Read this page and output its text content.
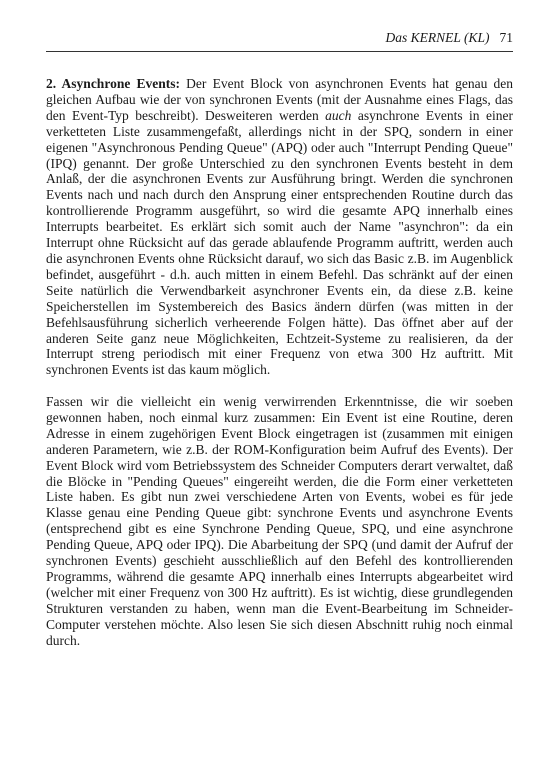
Das KERNEL (KL) 71

2. Asynchrone Events: Der Event Block von asynchronen Events hat genau den gleichen Aufbau wie der von synchronen Events (mit der Ausnahme eines Flags, das den Event-Typ beschreibt). Desweiteren werden auch asynchrone Events in einer verketteten Liste zusammengefaßt, allerdings nicht in der SPQ, sondern in einer eigenen "Asynchronous Pending Queue" (APQ) oder auch "Interrupt Pending Queue" (IPQ) genannt. Der große Unterschied zu den synchronen Events besteht in dem Anlaß, der die asynchronen Events zur Ausführung bringt. Werden die synchronen Events nach und nach durch den Ansprung einer entsprechenden Routine durch das kontrollierende Programm ausgeführt, so wird die gesamte APQ innerhalb eines Interrupts bearbeitet. Es erklärt sich somit auch der Name "asynchron": da ein Interrupt ohne Rücksicht auf das gerade ablaufende Programm auftritt, werden auch die asynchronen Events ohne Rücksicht darauf, wo sich das Basic z.B. im Augenblick befindet, ausgeführt - d.h. auch mitten in einem Befehl. Das schränkt auf der einen Seite natürlich die Verwendbarkeit asynchroner Events ein, da diese z.B. keine Speicherstellen im Systembereich des Basics ändern dürfen (was mitten in der Befehlsausführung sicherlich verheerende Folgen hätte). Das öffnet aber auf der anderen Seite ganz neue Möglichkeiten, Echtzeit-Systeme zu realisieren, da der Interrupt streng periodisch mit einer Frequenz von etwa 300 Hz auftritt. Mit synchronen Events ist das kaum möglich.

Fassen wir die vielleicht ein wenig verwirrenden Erkenntnisse, die wir soeben gewonnen haben, noch einmal kurz zusammen: Ein Event ist eine Routine, deren Adresse in einem zugehörigen Event Block eingetragen ist (zusammen mit einigen anderen Parametern, wie z.B. der ROM-Konfiguration beim Aufruf des Events). Der Event Block wird vom Betriebssystem des Schneider Computers derart verwaltet, daß die Blöcke in "Pending Queues" eingereiht werden, die die Form einer verketteten Liste haben. Es gibt nun zwei verschiedene Arten von Events, wobei es für jede Klasse genau eine Pending Queue gibt: synchrone Events und asynchrone Events (entsprechend gibt es eine Synchrone Pending Queue, SPQ, und eine asynchrone Pending Queue, APQ oder IPQ). Die Abarbeitung der SPQ (und damit der Aufruf der synchronen Events) geschieht ausschließlich auf den Befehl des kontrollierenden Programms, während die gesamte APQ innerhalb eines Interrupts abgearbeitet wird (welcher mit einer Frequenz von 300 Hz auftritt). Es ist wichtig, diese grundlegenden Strukturen verstanden zu haben, wenn man die Event-Bearbeitung im Schneider-Computer verstehen möchte. Also lesen Sie sich diesen Abschnitt ruhig noch einmal durch.
